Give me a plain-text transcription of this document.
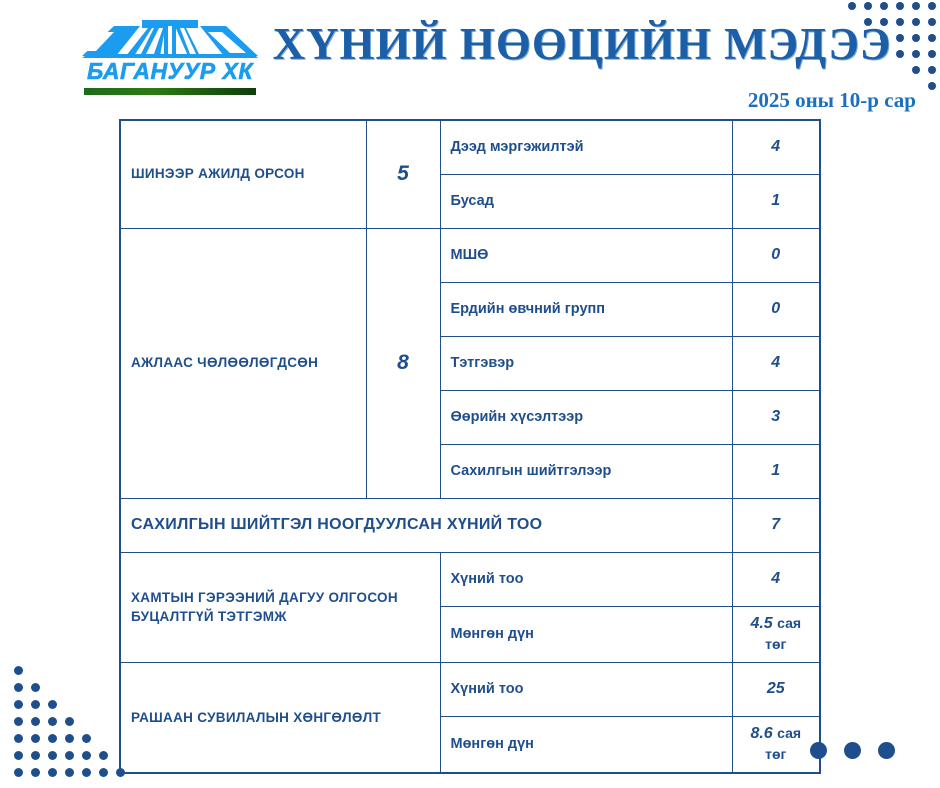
БАГАНУУР ХК
ХҮНИЙ НӨӨЦИЙН МЭДЭЭ
2025 оны 10-р сар
ШИНЭЭР АЖИЛД ОРСОН	5	Дээд мэргэжилтэй	4
		Бусад	1
АЖЛААС ЧӨЛӨӨЛӨГДСӨН	8	МШӨ	0
		Ердийн өвчний групп	0
		Тэтгэвэр	4
		Өөрийн хүсэлтээр	3
		Сахилгын шийтгэлээр	1
САХИЛГЫН ШИЙТГЭЛ НООГДУУЛСАН ХҮНИЙ ТОО			7
ХАМТЫН ГЭРЭЭНИЙ ДАГУУ ОЛГОСОН БУЦАЛТГҮЙ ТЭТГЭМЖ		Хүний тоо	4
		Мөнгөн дүн	4.5 сая төг
РАШААН СУВИЛАЛЫН ХӨНГӨЛӨЛТ		Хүний тоо	25
		Мөнгөн дүн	8.6 сая төг
